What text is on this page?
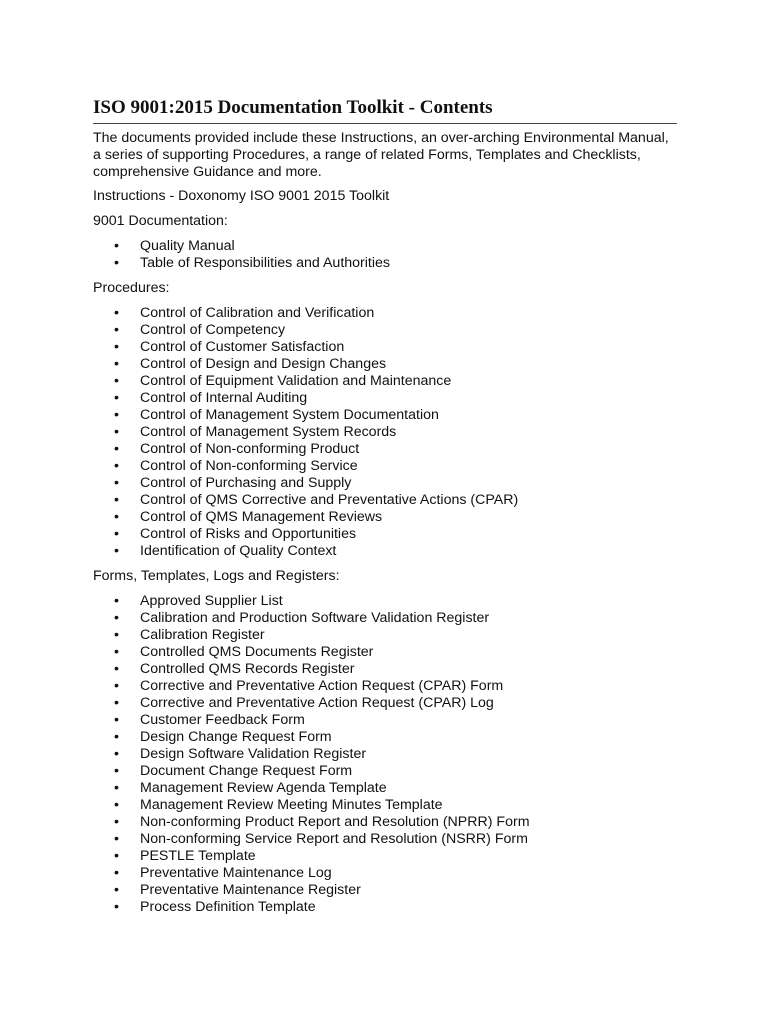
ISO 9001:2015 Documentation Toolkit - Contents

The documents provided include these Instructions, an over-arching Environmental Manual, a series of supporting Procedures, a range of related Forms, Templates and Checklists, comprehensive Guidance and more.

Instructions - Doxonomy ISO 9001 2015 Toolkit

9001 Documentation:

• Quality Manual
• Table of Responsibilities and Authorities

Procedures:

• Control of Calibration and Verification
• Control of Competency
• Control of Customer Satisfaction
• Control of Design and Design Changes
• Control of Equipment Validation and Maintenance
• Control of Internal Auditing
• Control of Management System Documentation
• Control of Management System Records
• Control of Non-conforming Product
• Control of Non-conforming Service
• Control of Purchasing and Supply
• Control of QMS Corrective and Preventative Actions (CPAR)
• Control of QMS Management Reviews
• Control of Risks and Opportunities
• Identification of Quality Context

Forms, Templates, Logs and Registers:

• Approved Supplier List
• Calibration and Production Software Validation Register
• Calibration Register
• Controlled QMS Documents Register
• Controlled QMS Records Register
• Corrective and Preventative Action Request (CPAR) Form
• Corrective and Preventative Action Request (CPAR) Log
• Customer Feedback Form
• Design Change Request Form
• Design Software Validation Register
• Document Change Request Form
• Management Review Agenda Template
• Management Review Meeting Minutes Template
• Non-conforming Product Report and Resolution (NPRR) Form
• Non-conforming Service Report and Resolution (NSRR) Form
• PESTLE Template
• Preventative Maintenance Log
• Preventative Maintenance Register
• Process Definition Template
